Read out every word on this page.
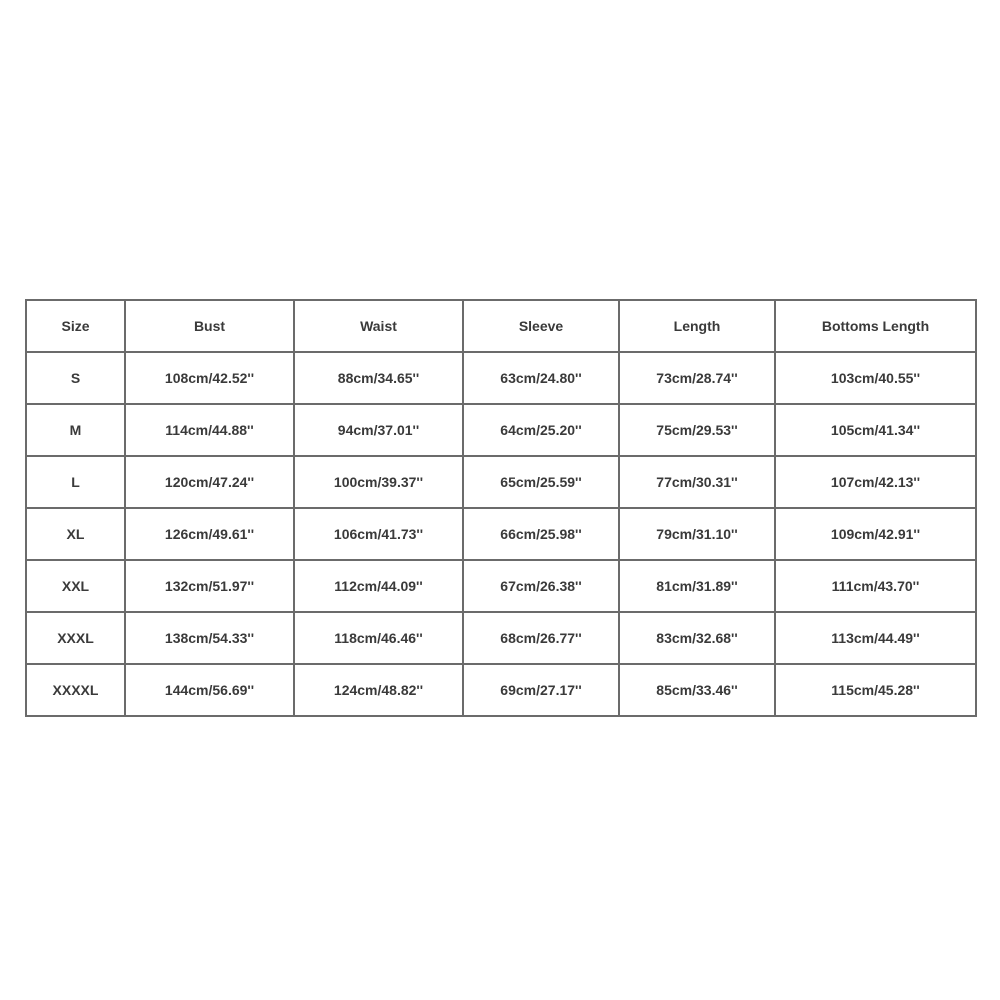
Size	Bust	Waist	Sleeve	Length	Bottoms Length
S	108cm/42.52''	88cm/34.65''	63cm/24.80''	73cm/28.74''	103cm/40.55''
M	114cm/44.88''	94cm/37.01''	64cm/25.20''	75cm/29.53''	105cm/41.34''
L	120cm/47.24''	100cm/39.37''	65cm/25.59''	77cm/30.31''	107cm/42.13''
XL	126cm/49.61''	106cm/41.73''	66cm/25.98''	79cm/31.10''	109cm/42.91''
XXL	132cm/51.97''	112cm/44.09''	67cm/26.38''	81cm/31.89''	111cm/43.70''
XXXL	138cm/54.33''	118cm/46.46''	68cm/26.77''	83cm/32.68''	113cm/44.49''
XXXXL	144cm/56.69''	124cm/48.82''	69cm/27.17''	85cm/33.46''	115cm/45.28''
